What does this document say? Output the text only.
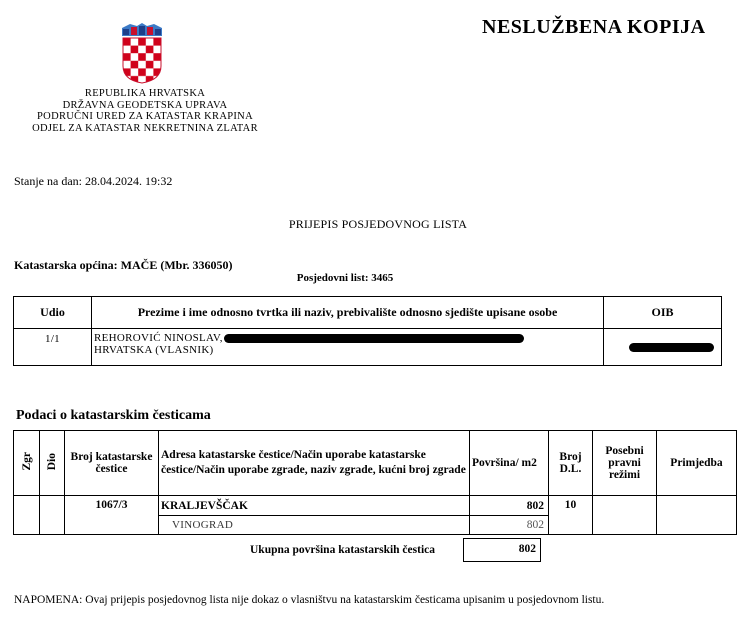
NESLUŽBENA KOPIJA
REPUBLIKA HRVATSKA
DRŽAVNA GEODETSKA UPRAVA
PODRUČNI URED ZA KATASTAR KRAPINA
ODJEL ZA KATASTAR NEKRETNINA ZLATAR
Stanje na dan: 28.04.2024. 19:32
PRIJEPIS POSJEDOVNOG LISTA
Katastarska općina: MAČE (Mbr. 336050)
Posjedovni list: 3465
Udio	Prezime i ime odnosno tvrtka ili naziv, prebivalište odnosno sjedište upisane osobe	OIB
1/1	REHOROVIĆ NINOSLAV,
HRVATSKA (VLASNIK)	

Podaci o katastarskim česticama
Zgr	Dio	Broj katastarske čestice	Adresa katastarske čestice/Način uporabe katastarske čestice/Način uporabe zgrade, naziv zgrade, kućni broj zgrade	Površina/ m2	Broj D.L.	Posebni pravni režimi	Primjedba
		1067/3	KRALJEVŠČAK	802	10		
			VINOGRAD	802			
Ukupna površina katastarskih čestica	802
NAPOMENA: Ovaj prijepis posjedovnog lista nije dokaz o vlasništvu na katastarskim česticama upisanim u posjedovnom listu.
